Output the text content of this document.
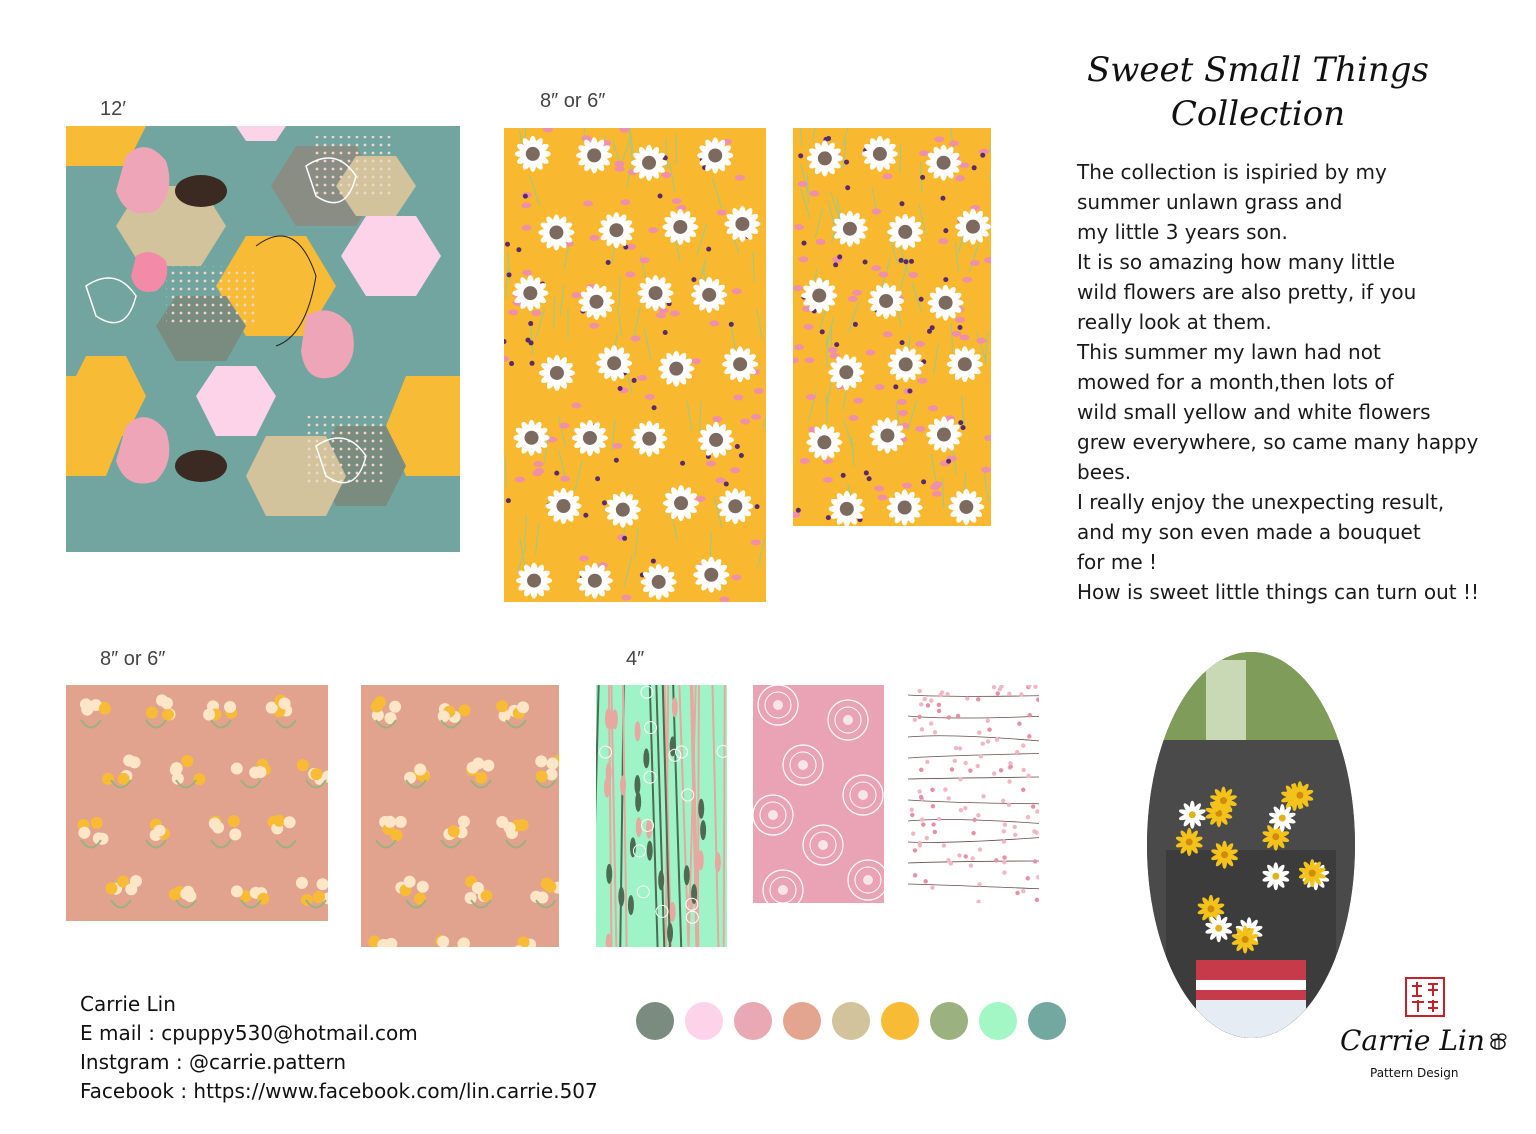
12′	8″ or 6″
8″ or 6″	4″
Sweet Small Things
Collection

The collection is ispiried by my

summer unlawn grass and

my little 3 years son.

It is so amazing how many little

wild flowers are also pretty, if you

really look at them.

This summer my lawn had not

mowed for a month,then lots of

wild small yellow and white flowers

grew everywhere, so came many happy

bees.

I really enjoy the unexpecting result,

and my son even made a bouquet

for me !

How is sweet little things can turn out !!

Carrie Lin
E mail : cpuppy530@hotmail.com
Instgram : @carrie.pattern
Facebook : https://www.facebook.com/lin.carrie.507
Carrie Lin
Pattern Design
